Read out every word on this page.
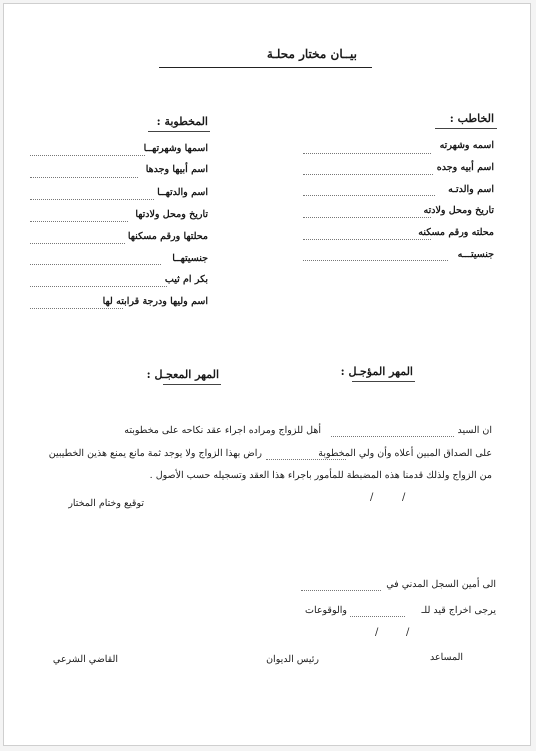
بيــان مختار محلـة
الخاطب :
اسمه وشهرته
اسم أبيه وجده
اسم والدتـه
تاريخ ومحل ولادته
محلته ورقم مسكنه
جنسيتـــه
المخطوبة :
اسمها وشهرتهــا
اسم أبيها وجدها
اسم والدتهــا
تاريخ ومحل ولادتها
محلتها ورقم مسكنها
جنسيتهــا
بكر ام ثيب
اسم وليها ودرجة قرابته لها
المهر المؤجـل :
المهر المعجـل :
ان السيد
أهل للزواج ومراده اجراء عقد نكاحه على مخطوبته
على الصداق المبين أعلاه وأن ولي المخطوبة
راض بهذا الزواج ولا يوجد ثمة مانع يمنع هذين الخطيبين
من الزواج ولذلك قدمنا هذه المضبطة للمأمور باجراء هذا العقد وتسجيله حسب الأصول .
/	/
توقيع وختام المختار
الى أمين السجل المدني في
يرجى اخراج قيد للـ
والوقوعات
/	/
المساعد
رئيس الديوان
القاضي الشرعي
